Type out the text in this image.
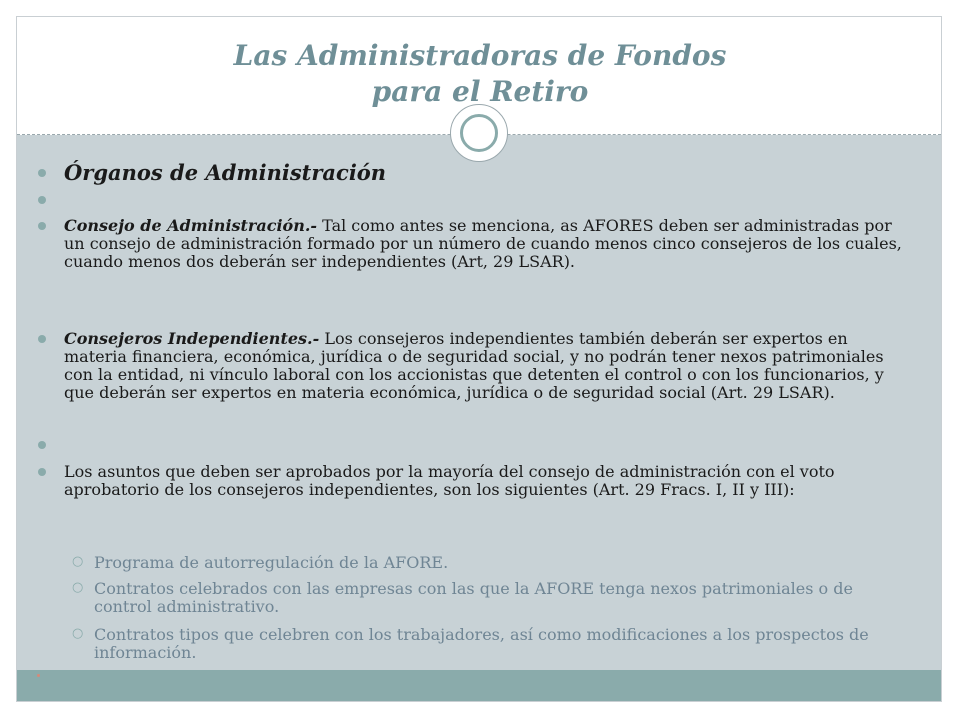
Las Administradoras de Fondos
para el Retiro
Órganos de Administración
Consejo de Administración.- Tal como antes se menciona, as AFORES deben ser administradas por un consejo de administración formado por un número de cuando menos cinco consejeros de los cuales, cuando menos dos deberán ser independientes (Art, 29 LSAR).
Consejeros Independientes.- Los consejeros independientes también deberán ser expertos en materia financiera, económica, jurídica o de seguridad social, y no podrán tener nexos patrimoniales con la entidad, ni vínculo laboral con los accionistas que detenten el control o con los funcionarios, y que deberán ser expertos en materia económica, jurídica o de seguridad social (Art. 29 LSAR).
Los asuntos que deben ser aprobados por la mayoría del consejo de administración con el voto aprobatorio de los consejeros independientes, son los siguientes (Art. 29 Fracs. I, II y III):
○ Programa de autorregulación de la AFORE.
○ Contratos celebrados con las empresas con las que la AFORE tenga nexos patrimoniales o de control administrativo.
○ Contratos tipos que celebren con los trabajadores, así como modificaciones a los prospectos de información.
